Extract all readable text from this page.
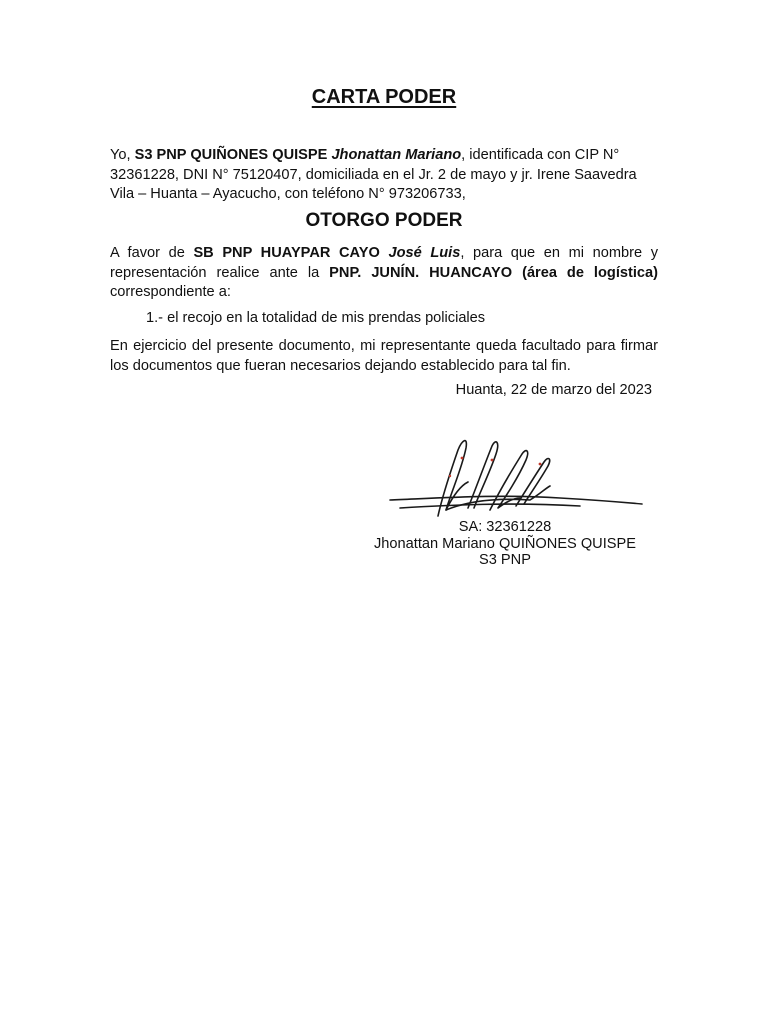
CARTA PODER
Yo, S3 PNP QUIÑONES QUISPE Jhonattan Mariano, identificada con CIP N° 32361228, DNI N° 75120407, domiciliada en el Jr. 2 de mayo y jr. Irene Saavedra Vila – Huanta – Ayacucho, con teléfono N° 973206733,
OTORGO PODER
A favor de SB PNP HUAYPAR CAYO José Luis, para que en mi nombre y representación realice ante la PNP. JUNÍN. HUANCAYO (área de logística) correspondiente a:
1.- el recojo en la totalidad de mis prendas policiales
En ejercicio del presente documento, mi representante queda facultado para firmar los documentos que fueran necesarios dejando establecido para tal fin.
Huanta, 22 de marzo del 2023
SA: 32361228
Jhonattan Mariano QUIÑONES QUISPE
S3 PNP
